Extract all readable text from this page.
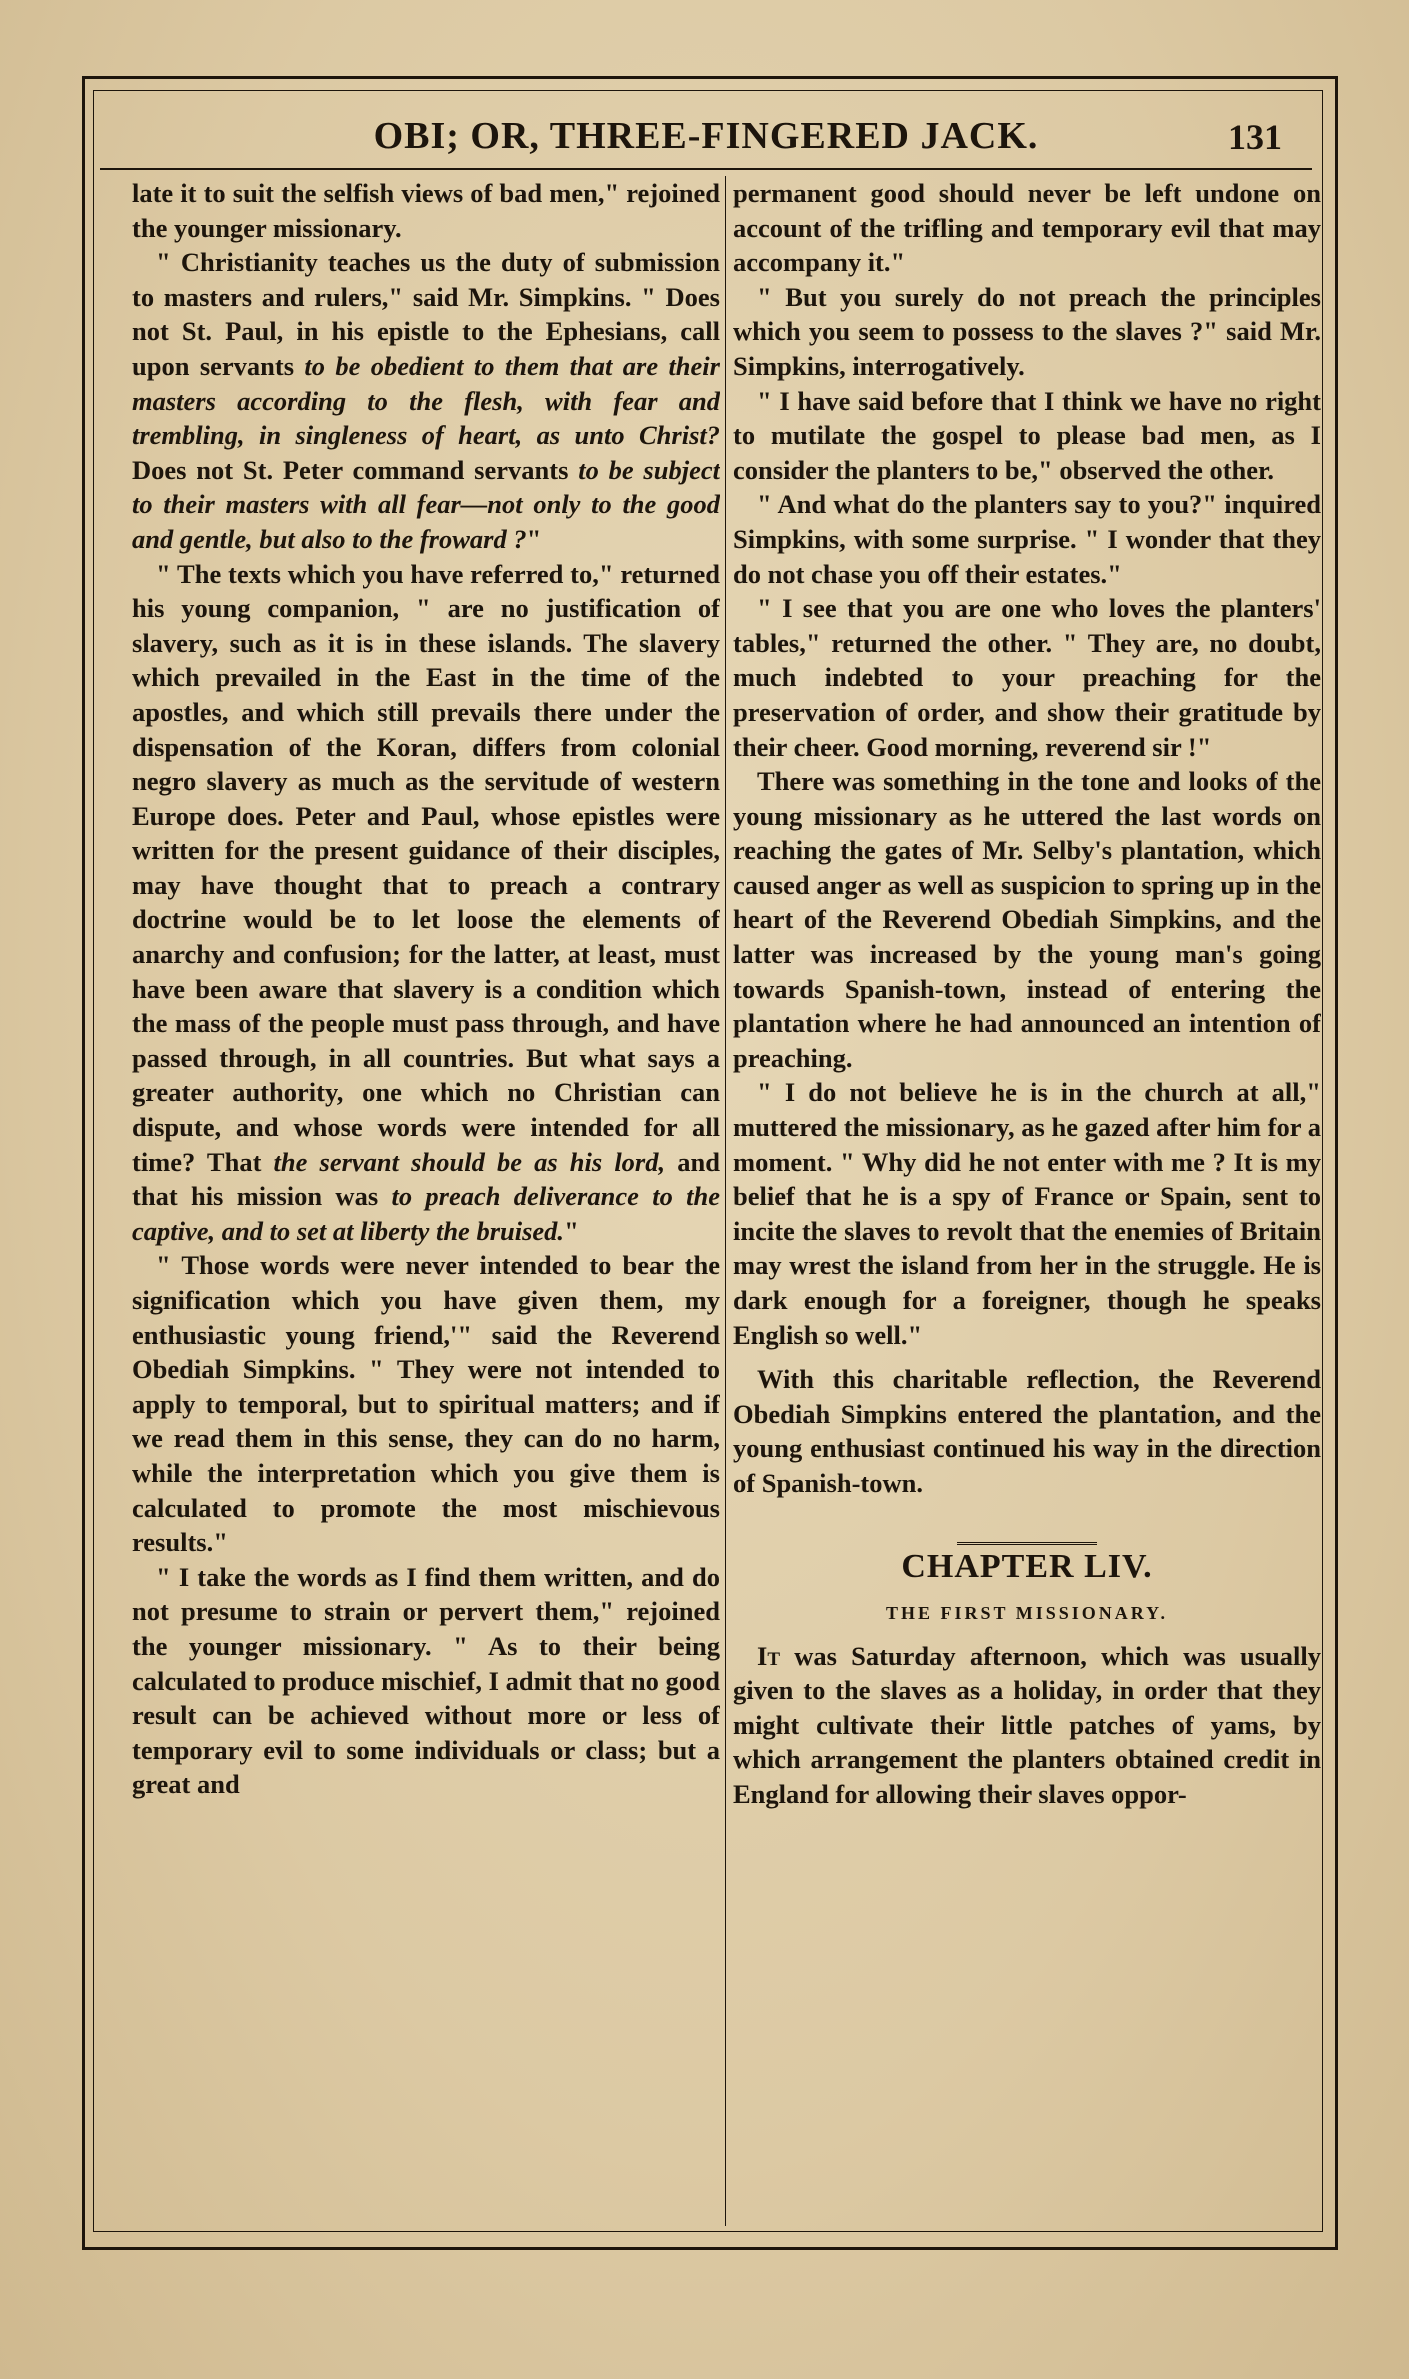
OBI; OR, THREE-FINGERED JACK.	131

late it to suit the selfish views of bad men," rejoined the younger missionary.

" Christianity teaches us the duty of submission to masters and rulers," said Mr. Simpkins. " Does not St. Paul, in his epistle to the Ephesians, call upon servants to be obedient to them that are their masters according to the flesh, with fear and trembling, in singleness of heart, as unto Christ? Does not St. Peter command servants to be subject to their masters with all fear—not only to the good and gentle, but also to the froward ?"

" The texts which you have referred to," returned his young companion, " are no justification of slavery, such as it is in these islands. The slavery which prevailed in the East in the time of the apostles, and which still prevails there under the dispensation of the Koran, differs from colonial negro slavery as much as the servitude of western Europe does. Peter and Paul, whose epistles were written for the present guidance of their disciples, may have thought that to preach a contrary doctrine would be to let loose the elements of anarchy and confusion; for the latter, at least, must have been aware that slavery is a condition which the mass of the people must pass through, and have passed through, in all countries. But what says a greater authority, one which no Christian can dispute, and whose words were intended for all time? That the servant should be as his lord, and that his mission was to preach deliverance to the captive, and to set at liberty the bruised."

" Those words were never intended to bear the signification which you have given them, my enthusiastic young friend,'" said the Reverend Obediah Simpkins. " They were not intended to apply to temporal, but to spiritual matters; and if we read them in this sense, they can do no harm, while the interpretation which you give them is calculated to promote the most mischievous results."

" I take the words as I find them written, and do not presume to strain or pervert them," rejoined the younger missionary. " As to their being calculated to produce mischief, I admit that no good result can be achieved without more or less of temporary evil to some individuals or class; but a great and

permanent good should never be left undone on account of the trifling and temporary evil that may accompany it."

" But you surely do not preach the principles which you seem to possess to the slaves ?" said Mr. Simpkins, interrogatively.

" I have said before that I think we have no right to mutilate the gospel to please bad men, as I consider the planters to be," observed the other.

" And what do the planters say to you?" inquired Simpkins, with some surprise. " I wonder that they do not chase you off their estates."

" I see that you are one who loves the planters' tables," returned the other. " They are, no doubt, much indebted to your preaching for the preservation of order, and show their gratitude by their cheer. Good morning, reverend sir !"

There was something in the tone and looks of the young missionary as he uttered the last words on reaching the gates of Mr. Selby's plantation, which caused anger as well as suspicion to spring up in the heart of the Reverend Obediah Simpkins, and the latter was increased by the young man's going towards Spanish-town, instead of entering the plantation where he had announced an intention of preaching.

" I do not believe he is in the church at all," muttered the missionary, as he gazed after him for a moment. " Why did he not enter with me ? It is my belief that he is a spy of France or Spain, sent to incite the slaves to revolt that the enemies of Britain may wrest the island from her in the struggle. He is dark enough for a foreigner, though he speaks English so well."

With this charitable reflection, the Reverend Obediah Simpkins entered the plantation, and the young enthusiast continued his way in the direction of Spanish-town.

CHAPTER LIV.
THE FIRST MISSIONARY.

It was Saturday afternoon, which was usually given to the slaves as a holiday, in order that they might cultivate their little patches of yams, by which arrangement the planters obtained credit in England for allowing their slaves oppor-
